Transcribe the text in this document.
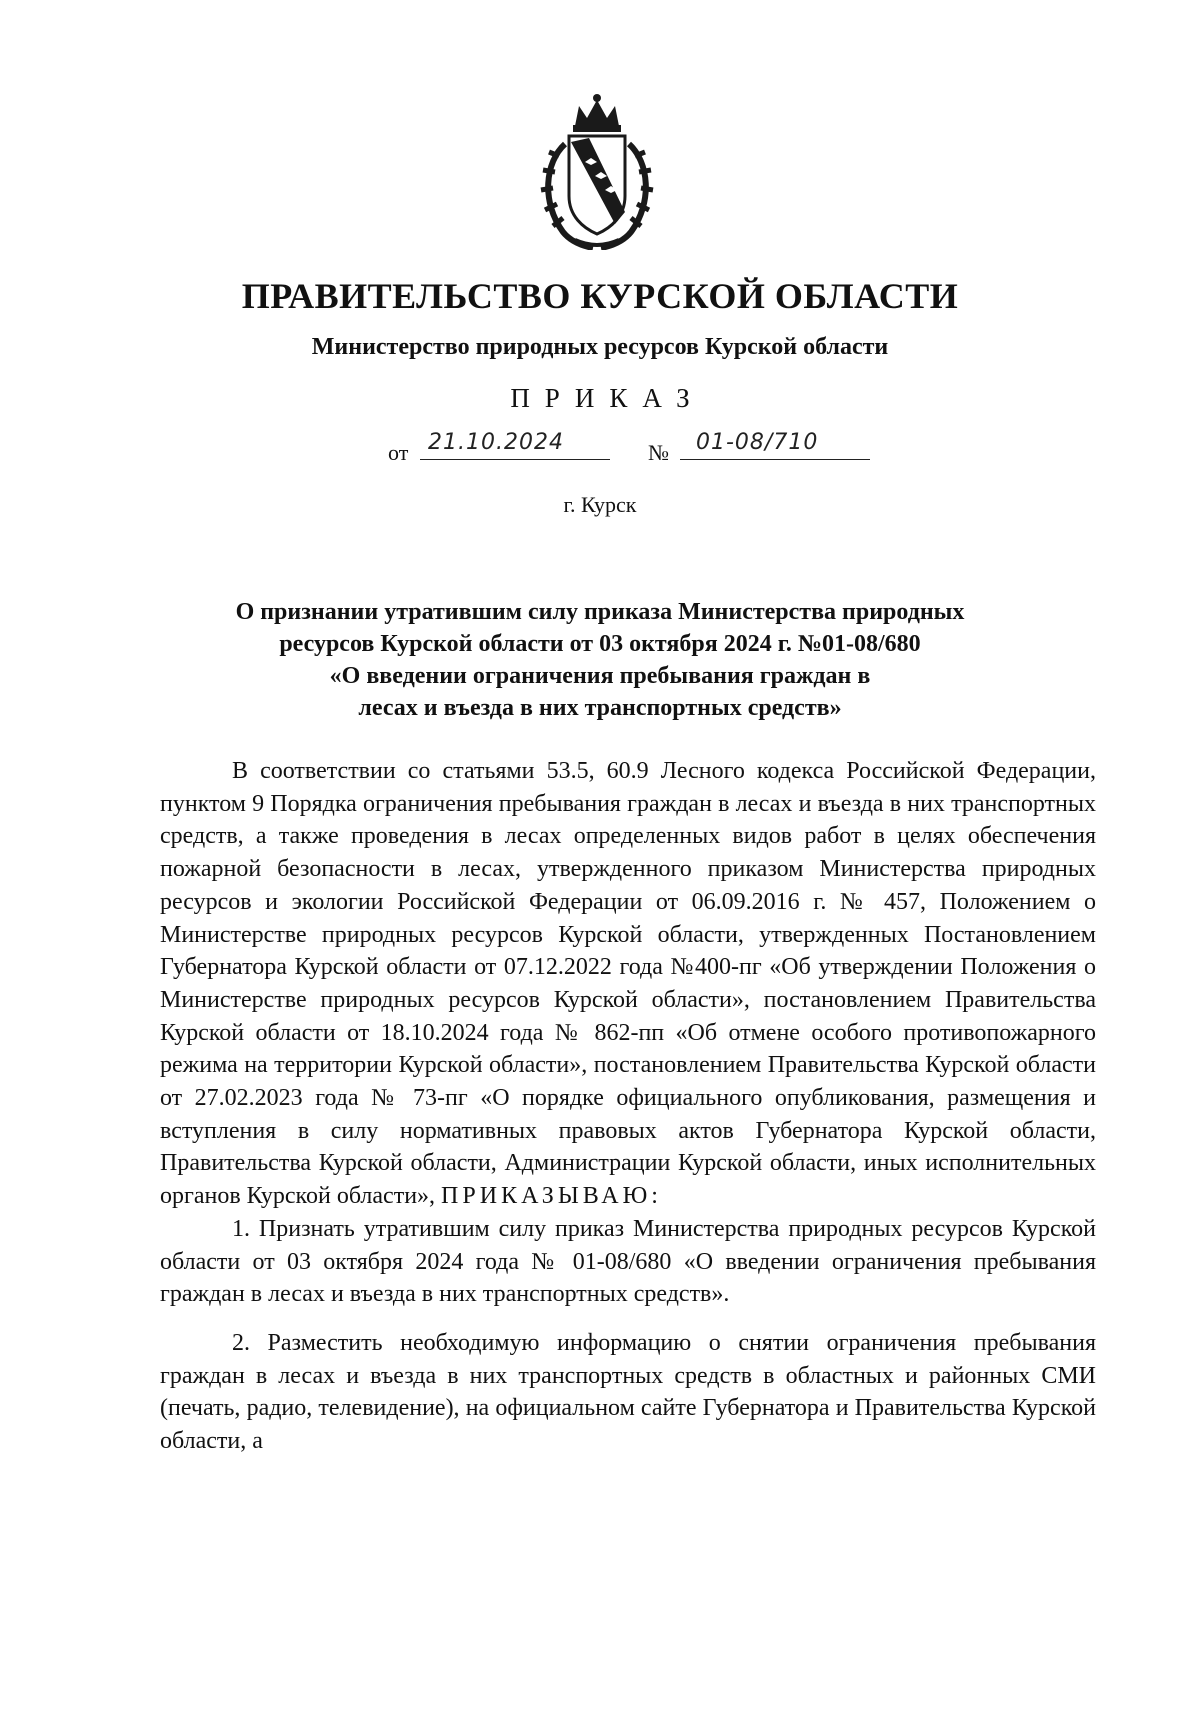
ПРАВИТЕЛЬСТВО КУРСКОЙ ОБЛАСТИ
Министерство природных ресурсов Курской области
ПРИКАЗ
от 21.10.2024	№	01-08/710
г. Курск
О признании утратившим силу приказа Министерства природных
ресурсов Курской области от 03 октября 2024 г. №01-08/680
«О введении ограничения пребывания граждан в
лесах и въезда в них транспортных средств»

В соответствии со статьями 53.5, 60.9 Лесного кодекса Российской Федерации, пунктом 9 Порядка ограничения пребывания граждан в лесах и въезда в них транспортных средств, а также проведения в лесах определенных видов работ в целях обеспечения пожарной безопасности в лесах, утвержденного приказом Министерства природных ресурсов и экологии Российской Федерации от 06.09.2016 г. № 457, Положением о Министерстве природных ресурсов Курской области, утвержденных Постановлением Губернатора Курской области от 07.12.2022 года №400-пг «Об утверждении Положения о Министерстве природных ресурсов Курской области», постановлением Правительства Курской области от 18.10.2024 года № 862-пп «Об отмене особого противопожарного режима на территории Курской области», постановлением Правительства Курской области от 27.02.2023 года № 73-пг «О порядке официального опубликования, размещения и вступления в силу нормативных правовых актов Губернатора Курской области, Правительства Курской области, Администрации Курской области, иных исполнительных органов Курской области», ПРИКАЗЫВАЮ:

1. Признать утратившим силу приказ Министерства природных ресурсов Курской области от 03 октября 2024 года № 01-08/680 «О введении ограничения пребывания граждан в лесах и въезда в них транспортных средств».

2. Разместить необходимую информацию о снятии ограничения пребывания граждан в лесах и въезда в них транспортных средств в областных и районных СМИ (печать, радио, телевидение), на официальном сайте Губернатора и Правительства Курской области, а
